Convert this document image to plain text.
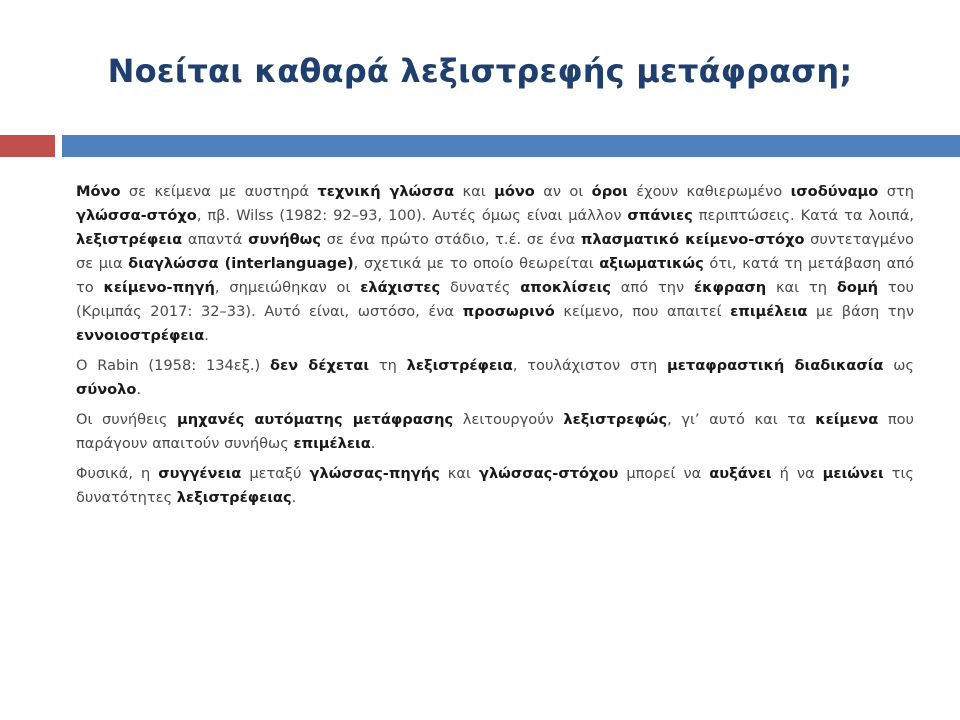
Νοείται καθαρά λεξιστρεφής μετάφραση;

Μόνο σε κείμενα με αυστηρά τεχνική γλώσσα και μόνο αν οι όροι έχουν καθιερωμένο ισοδύναμο στη γλώσσα-στόχο, πβ. Wilss (1982: 92–93, 100). Αυτές όμως είναι μάλλον σπάνιες περιπτώσεις. Κατά τα λοιπά, λεξιστρέφεια απαντά συνήθως σε ένα πρώτο στάδιο, τ.έ. σε ένα πλασματικό κείμενο-στόχο συντεταγμένο σε μια διαγλώσσα (interlanguage), σχετικά με το οποίο θεωρείται αξιωματικώς ότι, κατά τη μετάβαση από το κείμενο-πηγή, σημειώθηκαν οι ελάχιστες δυνατές αποκλίσεις από την έκφραση και τη δομή του (Κριμπάς 2017: 32–33). Αυτό είναι, ωστόσο, ένα προσωρινό κείμενο, που απαιτεί επιμέλεια με βάση την εννοιοστρέφεια.

Ο Rabin (1958: 134εξ.) δεν δέχεται τη λεξιστρέφεια, τουλάχιστον στη μεταφραστική διαδικασία ως σύνολο.

Οι συνήθεις μηχανές αυτόματης μετάφρασης λειτουργούν λεξιστρεφώς, γι’ αυτό και τα κείμενα που παράγουν απαιτούν συνήθως επιμέλεια.

Φυσικά, η συγγένεια μεταξύ γλώσσας-πηγής και γλώσσας-στόχου μπορεί να αυξάνει ή να μειώνει τις δυνατότητες λεξιστρέφειας.
